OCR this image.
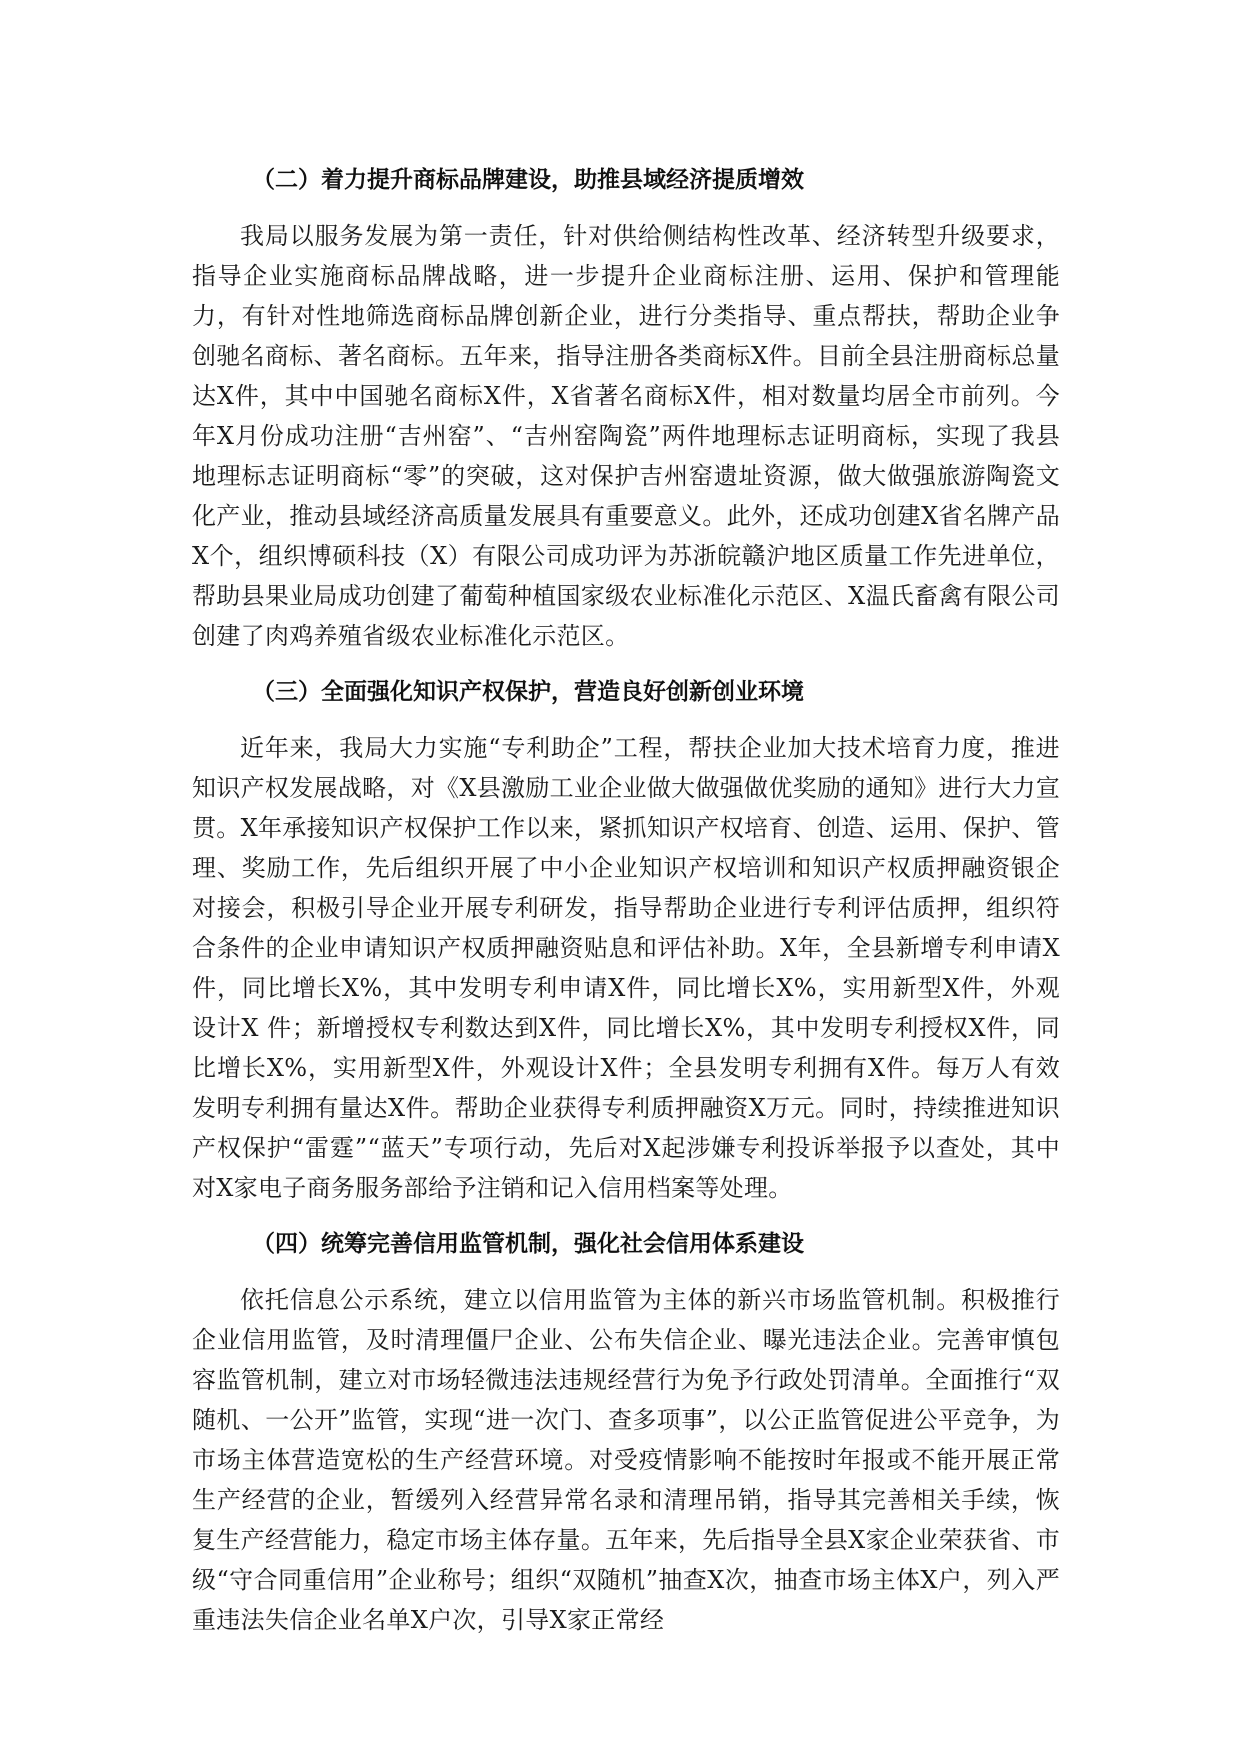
（二）着力提升商标品牌建设，助推县域经济提质增效

我局以服务发展为第一责任，针对供给侧结构性改革、经济转型升级要求，指导企业实施商标品牌战略，进一步提升企业商标注册、运用、保护和管理能力，有针对性地筛选商标品牌创新企业，进行分类指导、重点帮扶，帮助企业争创驰名商标、著名商标。五年来，指导注册各类商标X件。目前全县注册商标总量达X件，其中中国驰名商标X件，X省著名商标X件，相对数量均居全市前列。今年X月份成功注册“吉州窑”、“吉州窑陶瓷”两件地理标志证明商标，实现了我县地理标志证明商标“零”的突破，这对保护吉州窑遗址资源，做大做强旅游陶瓷文化产业，推动县域经济高质量发展具有重要意义。此外，还成功创建X省名牌产品X个，组织博硕科技（X）有限公司成功评为苏浙皖赣沪地区质量工作先进单位，帮助县果业局成功创建了葡萄种植国家级农业标准化示范区、X温氏畜禽有限公司创建了肉鸡养殖省级农业标准化示范区。

（三）全面强化知识产权保护，营造良好创新创业环境

近年来，我局大力实施“专利助企”工程，帮扶企业加大技术培育力度，推进知识产权发展战略，对《X县激励工业企业做大做强做优奖励的通知》进行大力宣贯。X年承接知识产权保护工作以来，紧抓知识产权培育、创造、运用、保护、管理、奖励工作，先后组织开展了中小企业知识产权培训和知识产权质押融资银企对接会，积极引导企业开展专利研发，指导帮助企业进行专利评估质押，组织符合条件的企业申请知识产权质押融资贴息和评估补助。X年，全县新增专利申请X件，同比增长X%，其中发明专利申请X件，同比增长X%，实用新型X件，外观设计X 件；新增授权专利数达到X件，同比增长X%，其中发明专利授权X件，同比增长X%，实用新型X件，外观设计X件；全县发明专利拥有X件。每万人有效发明专利拥有量达X件。帮助企业获得专利质押融资X万元。同时，持续推进知识产权保护“雷霆”“蓝天”专项行动，先后对X起涉嫌专利投诉举报予以查处，其中对X家电子商务服务部给予注销和记入信用档案等处理。

（四）统筹完善信用监管机制，强化社会信用体系建设

依托信息公示系统，建立以信用监管为主体的新兴市场监管机制。积极推行企业信用监管，及时清理僵尸企业、公布失信企业、曝光违法企业。完善审慎包容监管机制，建立对市场轻微违法违规经营行为免予行政处罚清单。全面推行“双随机、一公开”监管，实现“进一次门、查多项事”，以公正监管促进公平竞争，为市场主体营造宽松的生产经营环境。对受疫情影响不能按时年报或不能开展正常生产经营的企业，暂缓列入经营异常名录和清理吊销，指导其完善相关手续，恢复生产经营能力，稳定市场主体存量。五年来，先后指导全县X家企业荣获省、市级“守合同重信用”企业称号；组织“双随机”抽查X次，抽查市场主体X户，列入严重违法失信企业名单X户次，引导X家正常经
